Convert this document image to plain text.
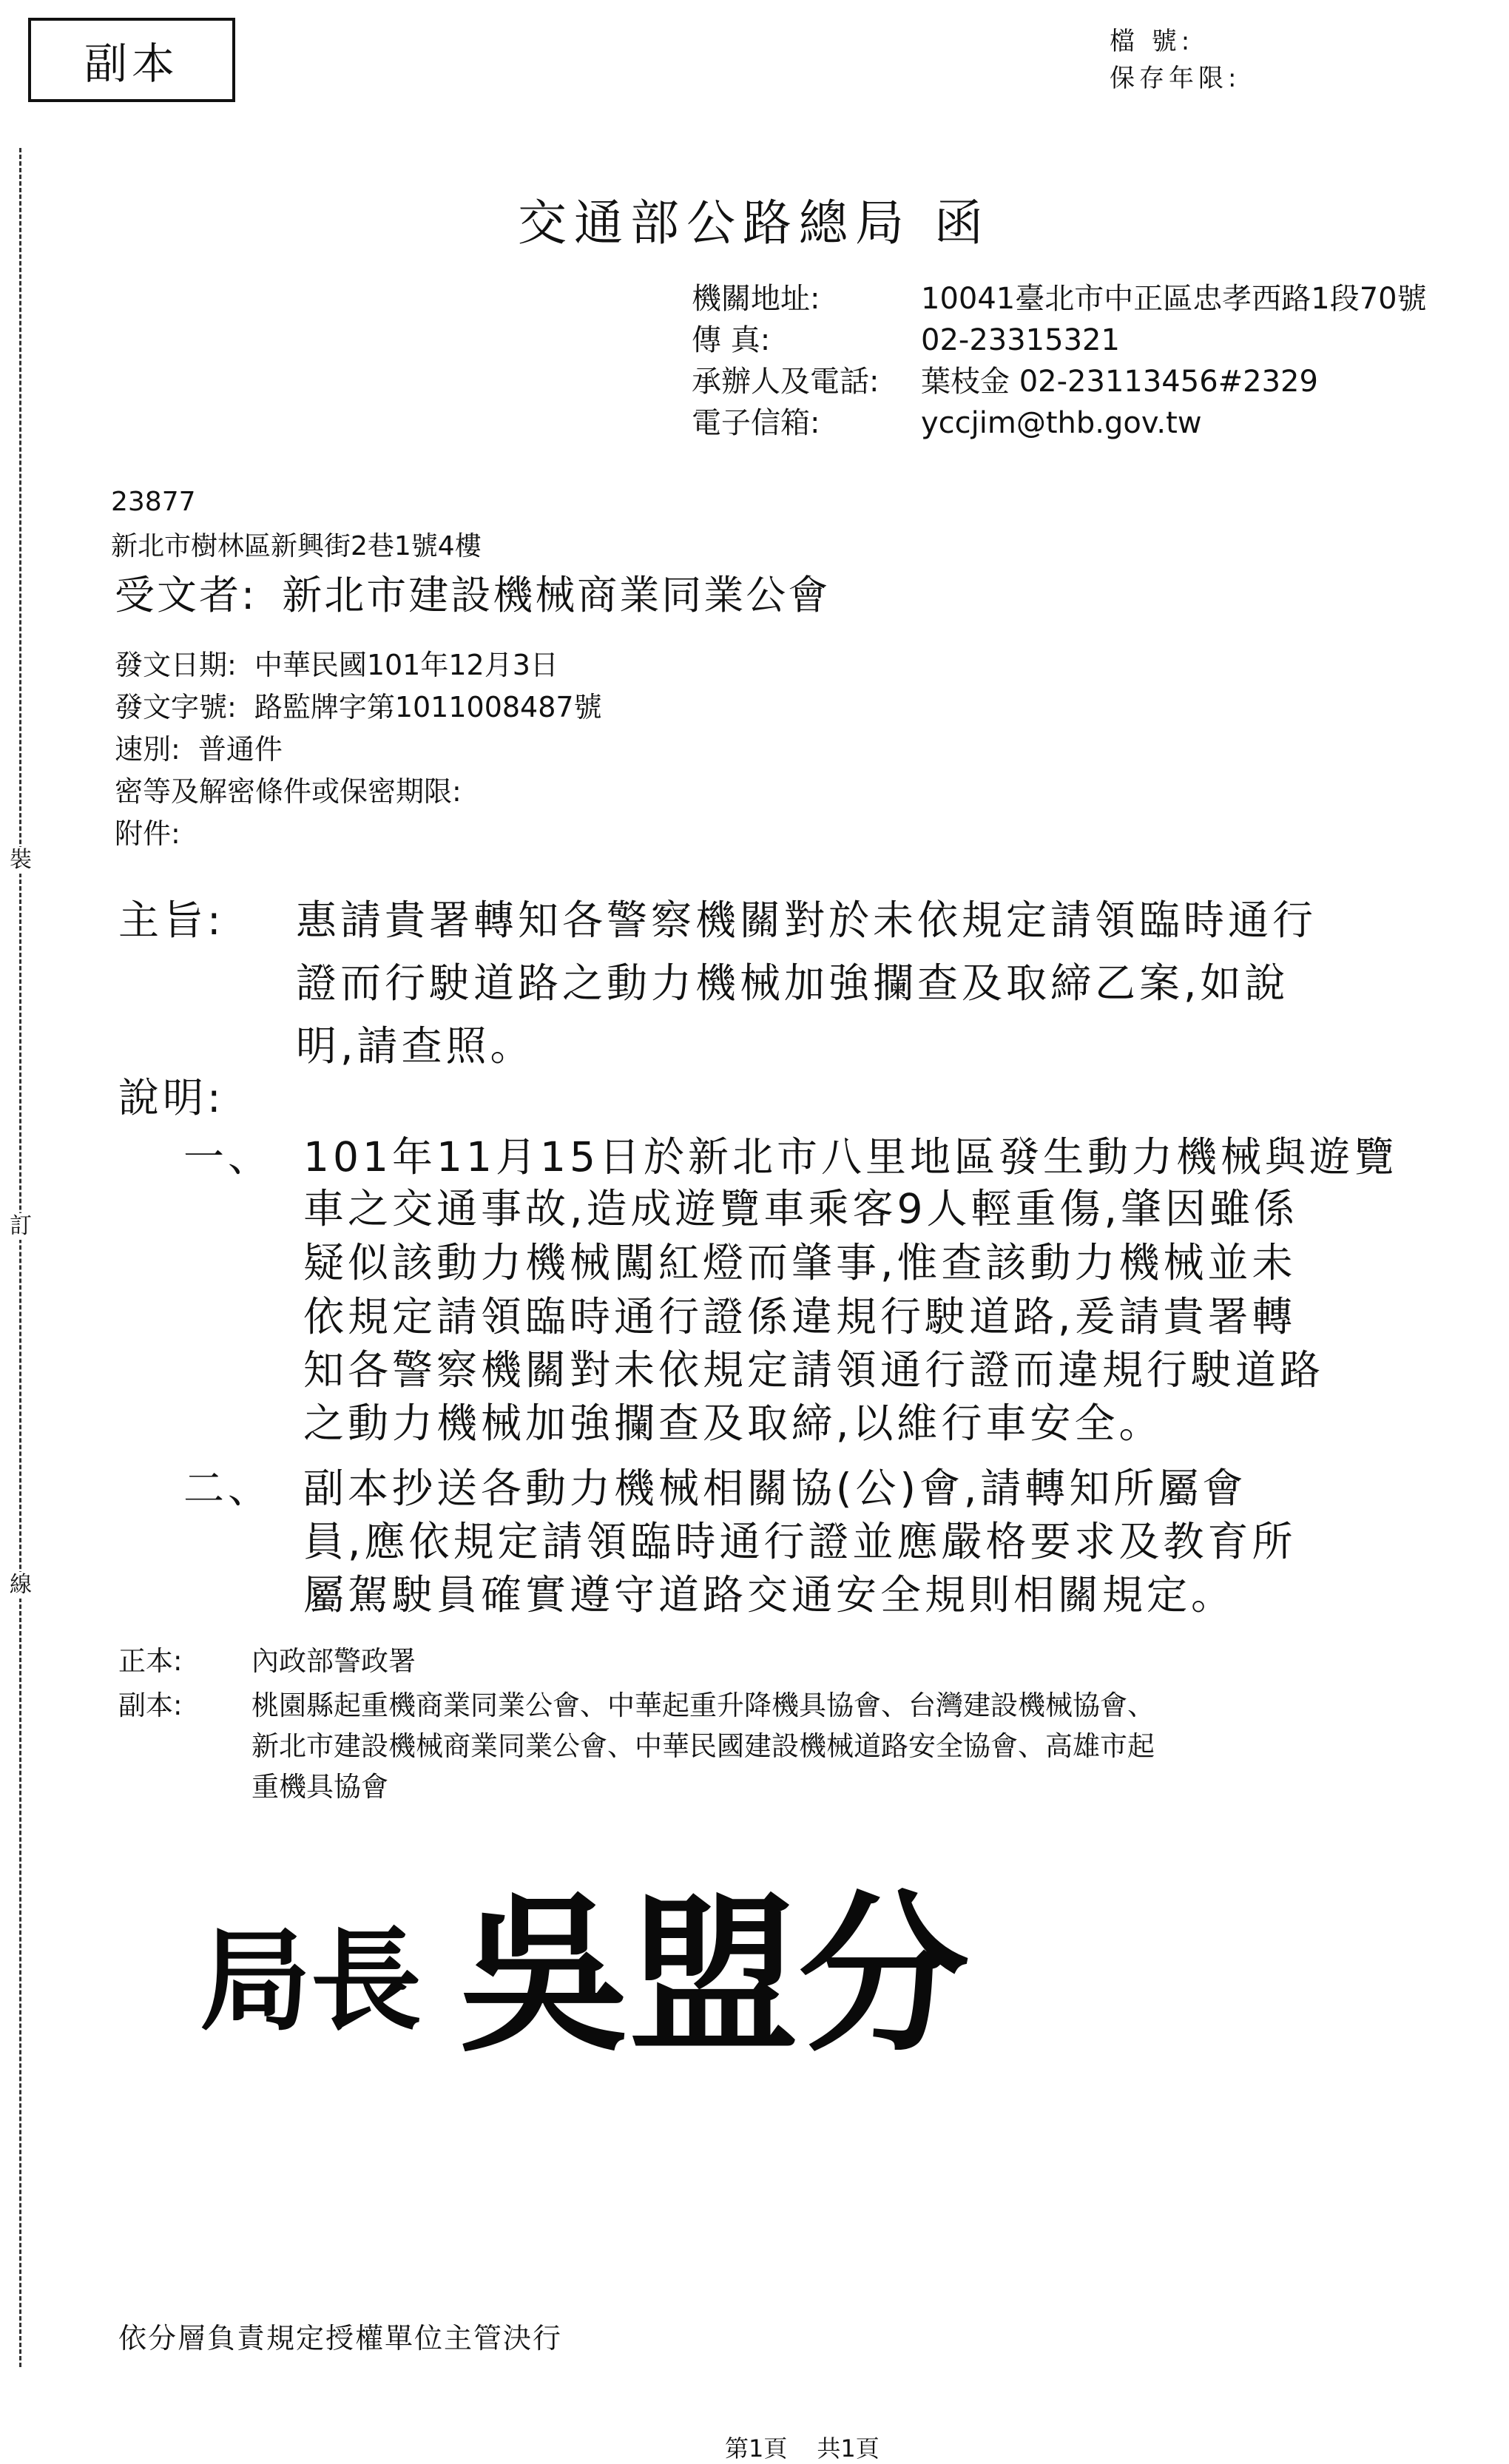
副本	檔 號:
保存年限:
裝
訂
線
交通部公路總局 函
機關地址:	10041臺北市中正區忠孝西路1段70號
傳 真:	02-23315321
承辦人及電話: 葉枝金 02-23113456#2329
電子信箱:	yccjim@thb.gov.tw
23877
新北市樹林區新興街2巷1號4樓
受文者: 新北市建設機械商業同業公會
發文日期: 中華民國101年12月3日
發文字號: 路監牌字第1011008487號
速別: 普通件
密等及解密條件或保密期限:
附件:
主旨: 惠請貴署轉知各警察機關對於未依規定請領臨時通行
證而行駛道路之動力機械加強攔查及取締乙案,如說
明,請查照。
說明:
一、 101年11月15日於新北市八里地區發生動力機械與遊覽
車之交通事故,造成遊覽車乘客9人輕重傷,肇因雖係
疑似該動力機械闖紅燈而肇事,惟查該動力機械並未
依規定請領臨時通行證係違規行駛道路,爰請貴署轉
知各警察機關對未依規定請領通行證而違規行駛道路
之動力機械加強攔查及取締,以維行車安全。
二、 副本抄送各動力機械相關協(公)會,請轉知所屬會
員,應依規定請領臨時通行證並應嚴格要求及教育所
屬駕駛員確實遵守道路交通安全規則相關規定。
正本:	內政部警政署
副本:	桃園縣起重機商業同業公會、中華起重升降機具協會、台灣建設機械協會、
新北市建設機械商業同業公會、中華民國建設機械道路安全協會、高雄市起
重機具協會
局長 吳盟分
依分層負責規定授權單位主管決行
第1頁 共1頁
